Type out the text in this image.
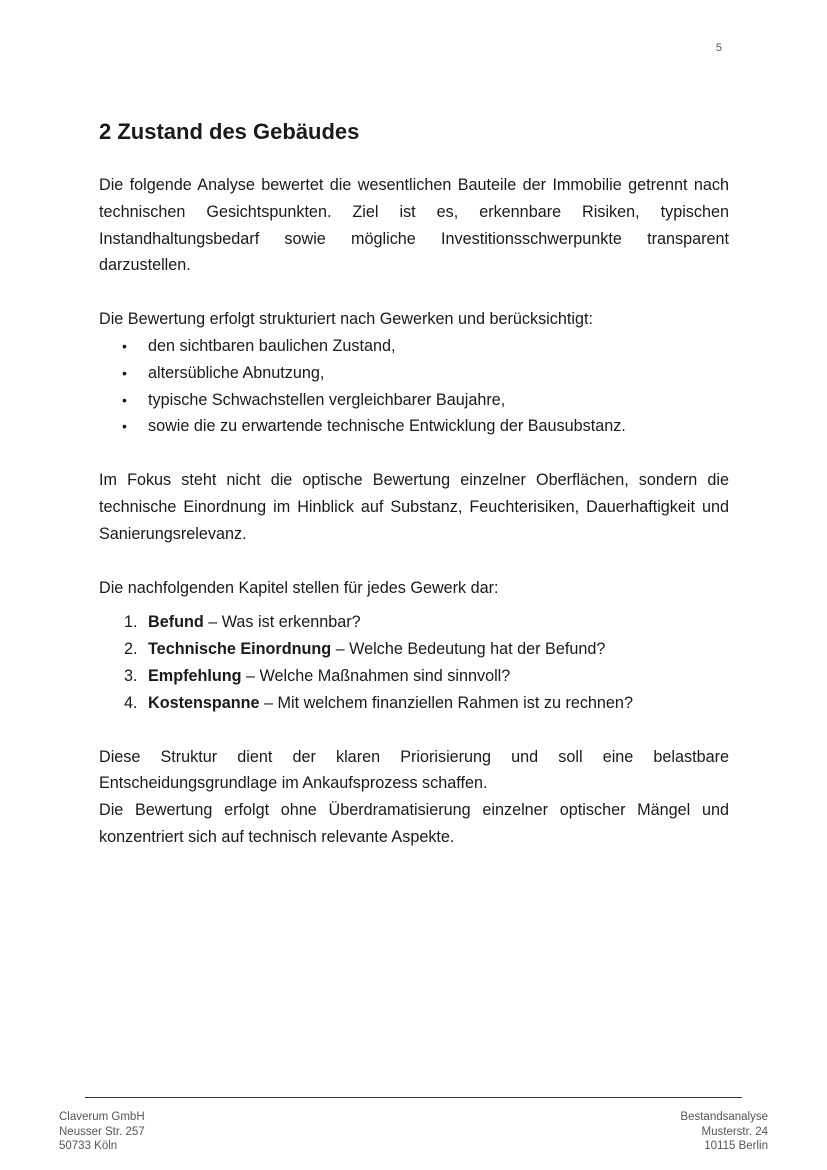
5
2 Zustand des Gebäudes

Die folgende Analyse bewertet die wesentlichen Bauteile der Immobilie getrennt nach technischen Gesichtspunkten. Ziel ist es, erkennbare Risiken, typischen Instandhaltungsbedarf sowie mögliche Investitionsschwerpunkte transparent darzustellen.

Die Bewertung erfolgt strukturiert nach Gewerken und berücksichtigt:

• den sichtbaren baulichen Zustand,
• altersübliche Abnutzung,
• typische Schwachstellen vergleichbarer Baujahre,
• sowie die zu erwartende technische Entwicklung der Bausubstanz.

Im Fokus steht nicht die optische Bewertung einzelner Oberflächen, sondern die technische Einordnung im Hinblick auf Substanz, Feuchterisiken, Dauerhaftigkeit und Sanierungsrelevanz.

Die nachfolgenden Kapitel stellen für jedes Gewerk dar:

1. Befund – Was ist erkennbar?
2. Technische Einordnung – Welche Bedeutung hat der Befund?
3. Empfehlung – Welche Maßnahmen sind sinnvoll?
4. Kostenspanne – Mit welchem finanziellen Rahmen ist zu rechnen?

Diese Struktur dient der klaren Priorisierung und soll eine belastbare Entscheidungsgrundlage im Ankaufsprozess schaffen.

Die Bewertung erfolgt ohne Überdramatisierung einzelner optischer Mängel und konzentriert sich auf technisch relevante Aspekte.

Claverum GmbH
Neusser Str. 257
50733 Köln
Bestandsanalyse
Musterstr. 24
10115 Berlin
